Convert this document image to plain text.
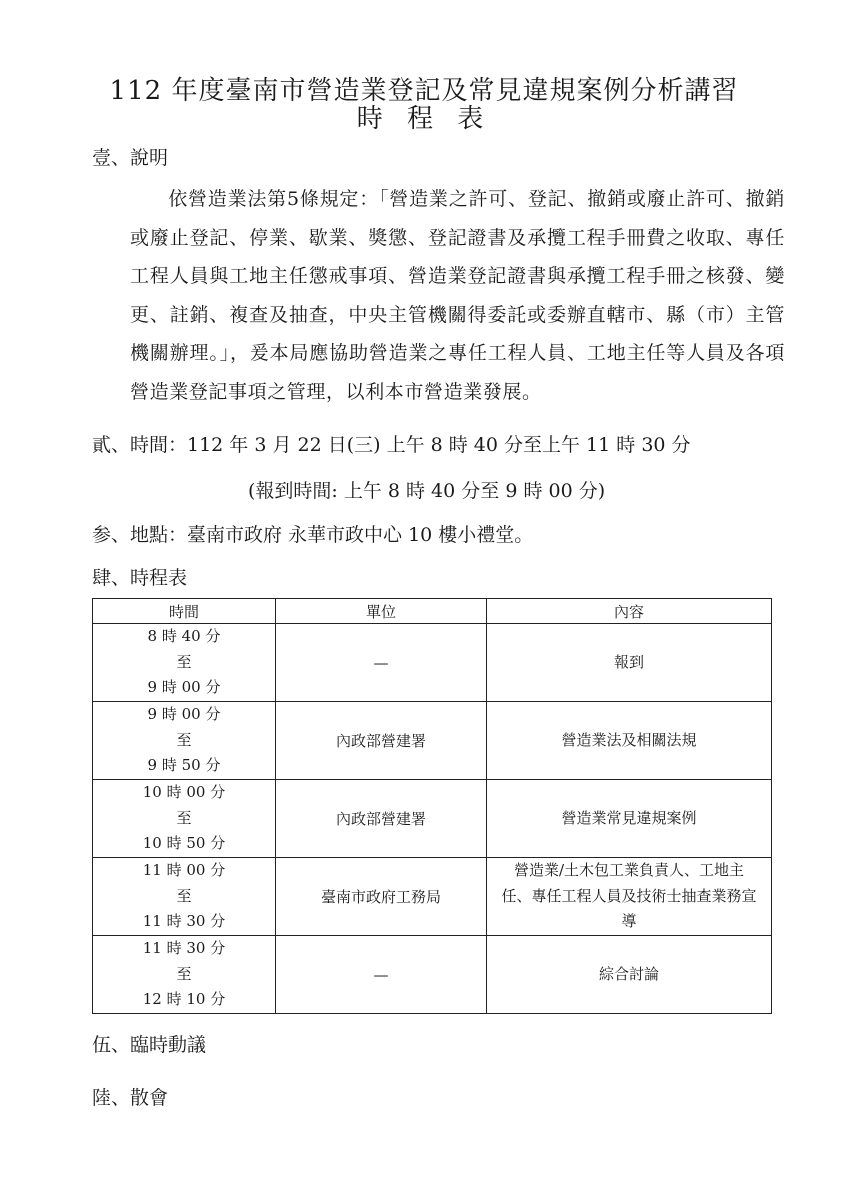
112 年度臺南市營造業登記及常見違規案例分析講習
時 程 表
壹、說明
依營造業法第5條規定：「營造業之許可、登記、撤銷或廢止許可、撤銷或廢止登記、停業、歇業、獎懲、登記證書及承攬工程手冊費之收取、專任工程人員與工地主任懲戒事項、營造業登記證書與承攬工程手冊之核發、變更、註銷、複查及抽查，中央主管機關得委託或委辦直轄市、縣（市）主管機關辦理。」，爰本局應協助營造業之專任工程人員、工地主任等人員及各項營造業登記事項之管理，以利本市營造業發展。
貳、時間：112 年 3 月 22 日(三) 上午 8 時 40 分至上午 11 時 30 分
(報到時間: 上午 8 時 40 分至 9 時 00 分)
参、地點：臺南市政府 永華市政中心 10 樓小禮堂。
肆、時程表
時間	單位	內容

8 時 40 分
至
9 時 00 分	—	報到

9 時 00 分
至
9 時 50 分	內政部營建署	營造業法及相關法規

10 時 00 分
至
10 時 50 分	內政部營建署	營造業常見違規案例

11 時 00 分
至
11 時 30 分	臺南市政府工務局	營造業/土木包工業負責人、工地主任、專任工程人員及技術士抽查業務宣導

11 時 30 分
至
12 時 10 分	—	綜合討論
伍、臨時動議
陸、散會
